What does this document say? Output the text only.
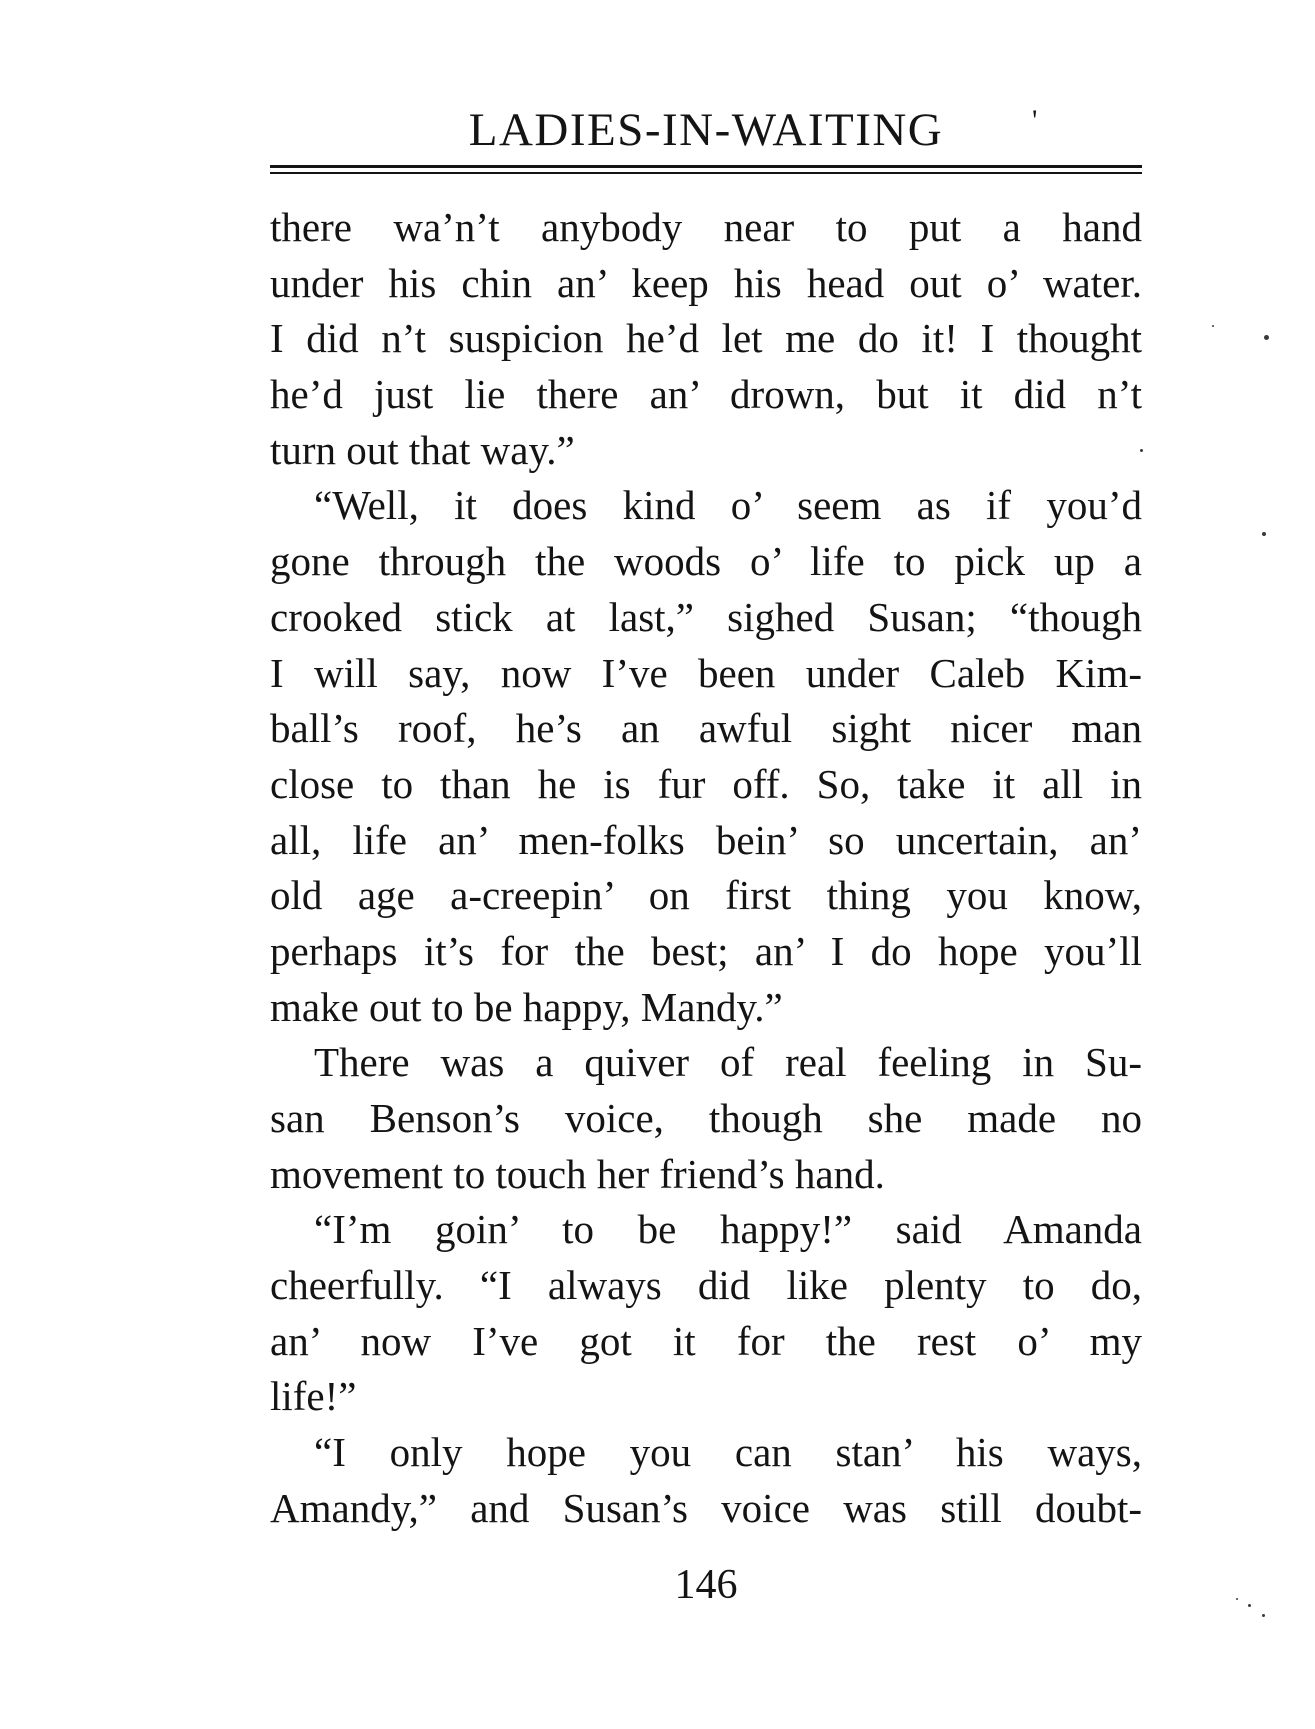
LADIES-IN-WAITING	'
there wa’n’t anybody near to put a hand
under his chin an’ keep his head out o’ water.
I did n’t suspicion he’d let me do it! I thought
he’d just lie there an’ drown, but it did n’t
turn out that way.”
“Well, it does kind o’ seem as if you’d
gone through the woods o’ life to pick up a
crooked stick at last,” sighed Susan; “though
I will say, now I’ve been under Caleb Kim-
ball’s roof, he’s an awful sight nicer man
close to than he is fur off. So, take it all in
all, life an’ men-folks bein’ so uncertain, an’
old age a-creepin’ on first thing you know,
perhaps it’s for the best; an’ I do hope you’ll
make out to be happy, Mandy.”
There was a quiver of real feeling in Su-
san Benson’s voice, though she made no
movement to touch her friend’s hand.
“I’m goin’ to be happy!” said Amanda
cheerfully. “I always did like plenty to do,
an’ now I’ve got it for the rest o’ my
life!”
“I only hope you can stan’ his ways,
Amandy,” and Susan’s voice was still doubt-
146
